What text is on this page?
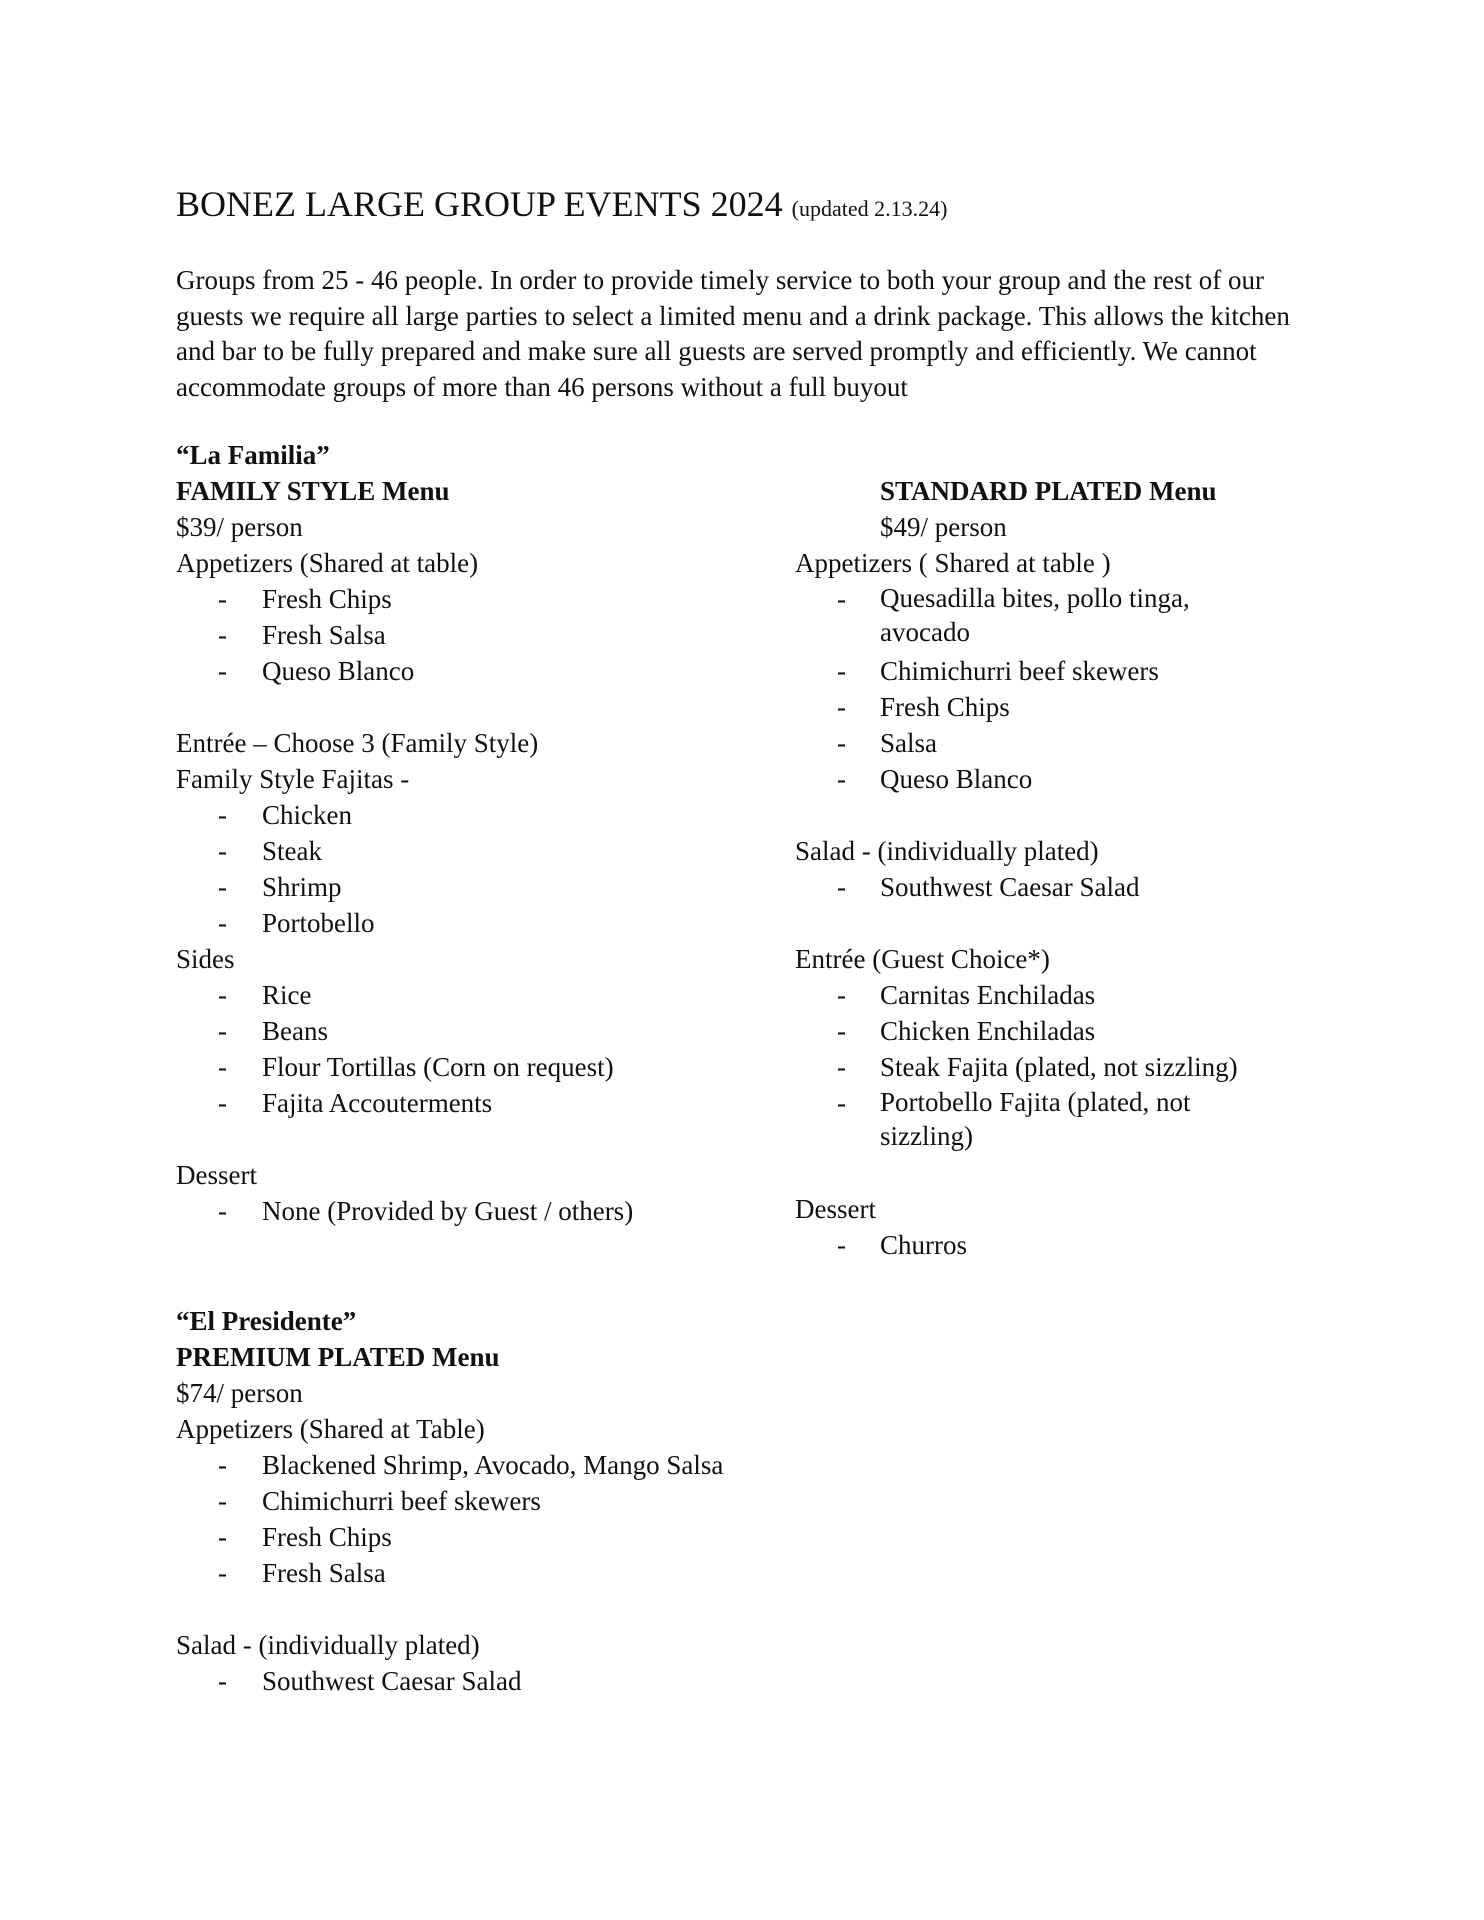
BONEZ LARGE GROUP EVENTS 2024 (updated 2.13.24)
Groups from 25 - 46 people. In order to provide timely service to both your group and the rest of our guests we require all large parties to select a limited menu and a drink package. This allows the kitchen and bar to be fully prepared and make sure all guests are served promptly and efficiently. We cannot accommodate groups of more than 46 persons without a full buyout
“La Familia”
FAMILY STYLE Menu
$39/ person
Appetizers (Shared at table)
- Fresh Chips
- Fresh Salsa
- Queso Blanco
Entrée – Choose 3 (Family Style)
Family Style Fajitas -
- Chicken
- Steak
- Shrimp
- Portobello
Sides
- Rice
- Beans
- Flour Tortillas (Corn on request)
- Fajita Accouterments
Dessert
- None (Provided by Guest / others)
STANDARD PLATED Menu
$49/ person
Appetizers ( Shared at table )
- Quesadilla bites, pollo tinga, avocado
- Chimichurri beef skewers
- Fresh Chips
- Salsa
- Queso Blanco
Salad - (individually plated)
- Southwest Caesar Salad
Entrée (Guest Choice*)
- Carnitas Enchiladas
- Chicken Enchiladas
- Steak Fajita (plated, not sizzling)
- Portobello Fajita (plated, not sizzling)
Dessert
- Churros
“El Presidente”
PREMIUM PLATED Menu
$74/ person
Appetizers (Shared at Table)
- Blackened Shrimp, Avocado, Mango Salsa
- Chimichurri beef skewers
- Fresh Chips
- Fresh Salsa
Salad - (individually plated)
- Southwest Caesar Salad
